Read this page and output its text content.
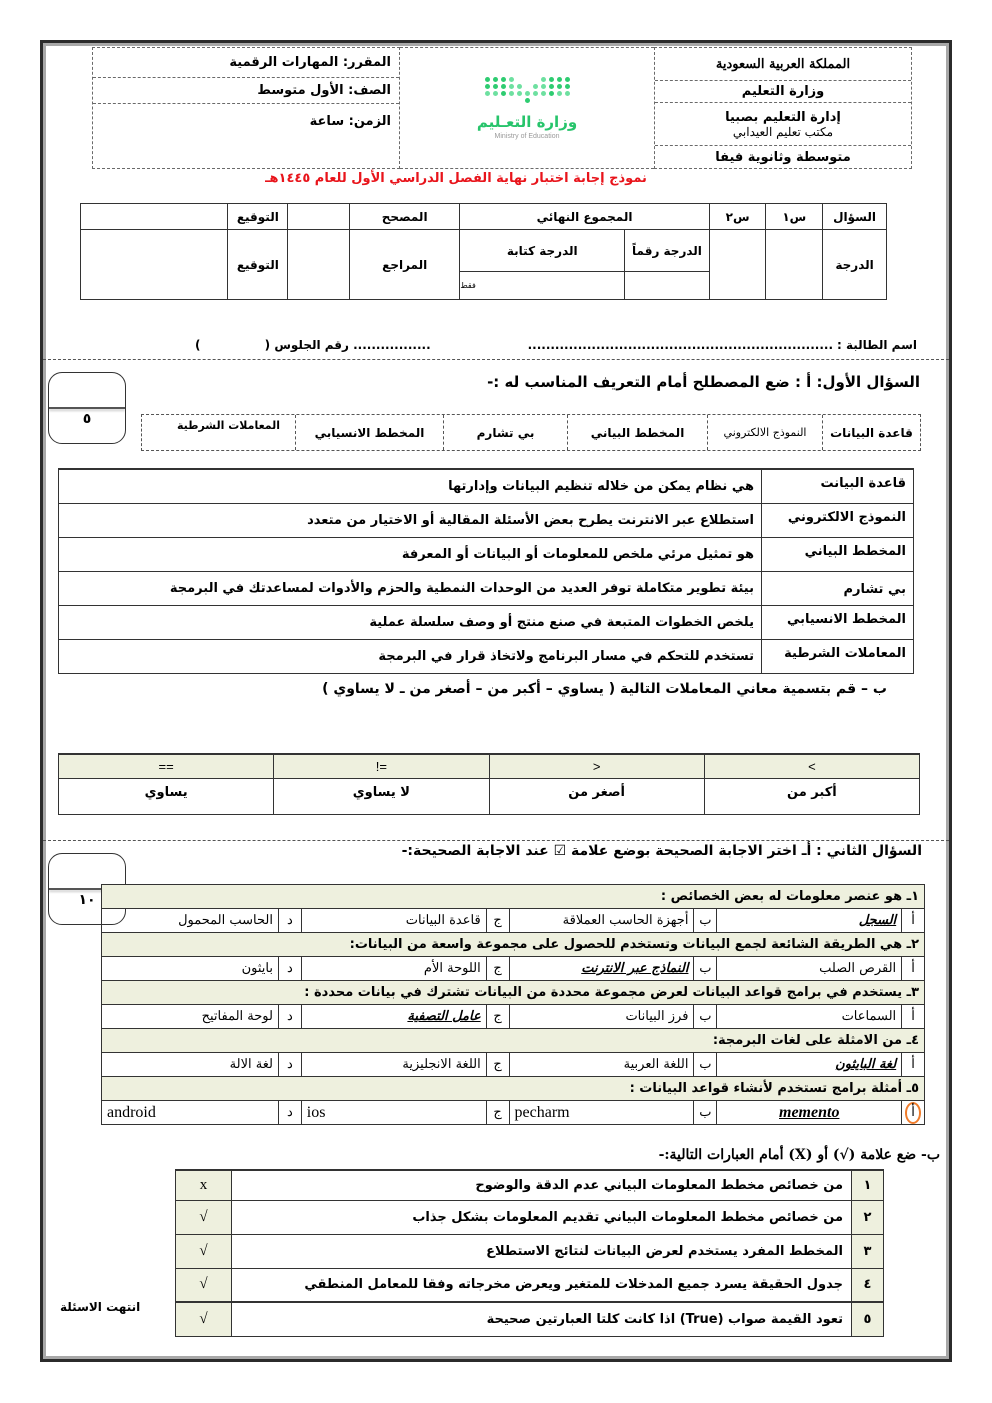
المملكة العربية السعودية
وزارة التعليم
إدارة التعليم بصبيا
مكتب تعليم العيدابي
متوسطة وثانوية فيفا
وزارة التعـليم
Ministry of Education
المقرر: المهارات الرقمية
الصف: الأول متوسط
الزمن: ساعة
نموذج إجابة اختبار نهاية الفصل الدراسي الأول للعام ١٤٤٥هـ
السؤال	س١	س٢	المجموع النهائي		المصحح		التوقيع	
الدرجة			الدرجة رقماً	الدرجة كتابة	المراجع		التوقيع	
				فقط				
اسم الطالبة :
...................................................................
................. رقم الجلوس ( )
السؤال الأول: أ : ضع المصطلح أمام التعريف المناسب له :-
٥
قاعدة البيانات
النموذج الالكتروني
المخطط البياني
بي تشارم
المخطط الانسيابي
المعاملات الشرطية
قاعدة البيانت	هي نظام يمكن من خلاله تنظيم البيانات وإدارتها
النموذج الالكتروني	استطلاع عبر الانترنت يطرح بعض الأسئلة المقالية أو الاختيار من متعدد
المخطط البياني	هو تمثيل مرئي ملخص للمعلومات أو البيانات أو المعرفة
بي تشارم	بيئة تطوير متكاملة توفر العديد من الوحدات النمطية والحزم والأدوات لمساعدتك في البرمجة
المخطط الانسيابي	يلخص الخطوات المتبعة في صنع منتج أو وصف سلسلة عملية
المعاملات الشرطية	تستخدم للتحكم في مسار البرنامج ولاتخاذ قرار في البرمجة
ب – قم بتسمية معاني المعاملات التالية ( يساوي – أكبر من – أصغر من ـ لا يساوي )
>	<	=!	==
أكبر من	أصغر من	لا يساوي	يساوي
السؤال الثاني : أـ اختر الاجابة الصحيحة بوضع علامة ☑ عند الاجابة الصحيحة:-
١٠	١ـ هو عنصر معلومات له بعض الخصائص :							
أ	السجل	ب	أجهزة الحاسب العملاقة	ج	قاعدة البيانات	د	الحاسب المحمول
٢ـ هي الطريقة الشائعة لجمع البيانات وتستخدم للحصول على مجموعة واسعة من البيانات:							
أ	القرص الصلب	ب	النماذج عبر الانترنت	ج	اللوحة الأم	د	بايثون
٣ـ يستخدم في برامج قواعد البيانات لعرض مجموعة محددة من البيانات تشترك في بيانات محددة :							
أ	السماعات	ب	فرز البيانات	ج	عامل التصفية	د	لوحة المفاتيح
٤ـ من الامثلة على لغات البرمجة:							
أ	لغة البايثون	ب	اللغة العربية	ج	اللغة الانجليزية	د	لغة الالة
٥ـ أمثلة برامج تستخدم لأنشاء قواعد البيانات :							
أ	memento	ب	pecharm	ج	ios	د	android
ب- ضع علامة (√) أو (X) أمام العبارات التالية:-
١	من خصائص مخطط المعلومات البياني عدم الدقة والوضوح	x
٢	من خصائص مخطط المعلومات البياني تقديم المعلومات بشكل جذاب	√
٣	المخطط المفرد يستخدم لعرض البيانات لنتائج الاستطلاع	√
٤	جدول الحقيقة يسرد جميع المدخلات للمتغير ويعرض مخرجاته وفقا للمعامل المنطقي	√
٥	تعود القيمة صواب (True) اذا كانت كلتا العبارتين صحيحة	√
انتهت الاسئلة
